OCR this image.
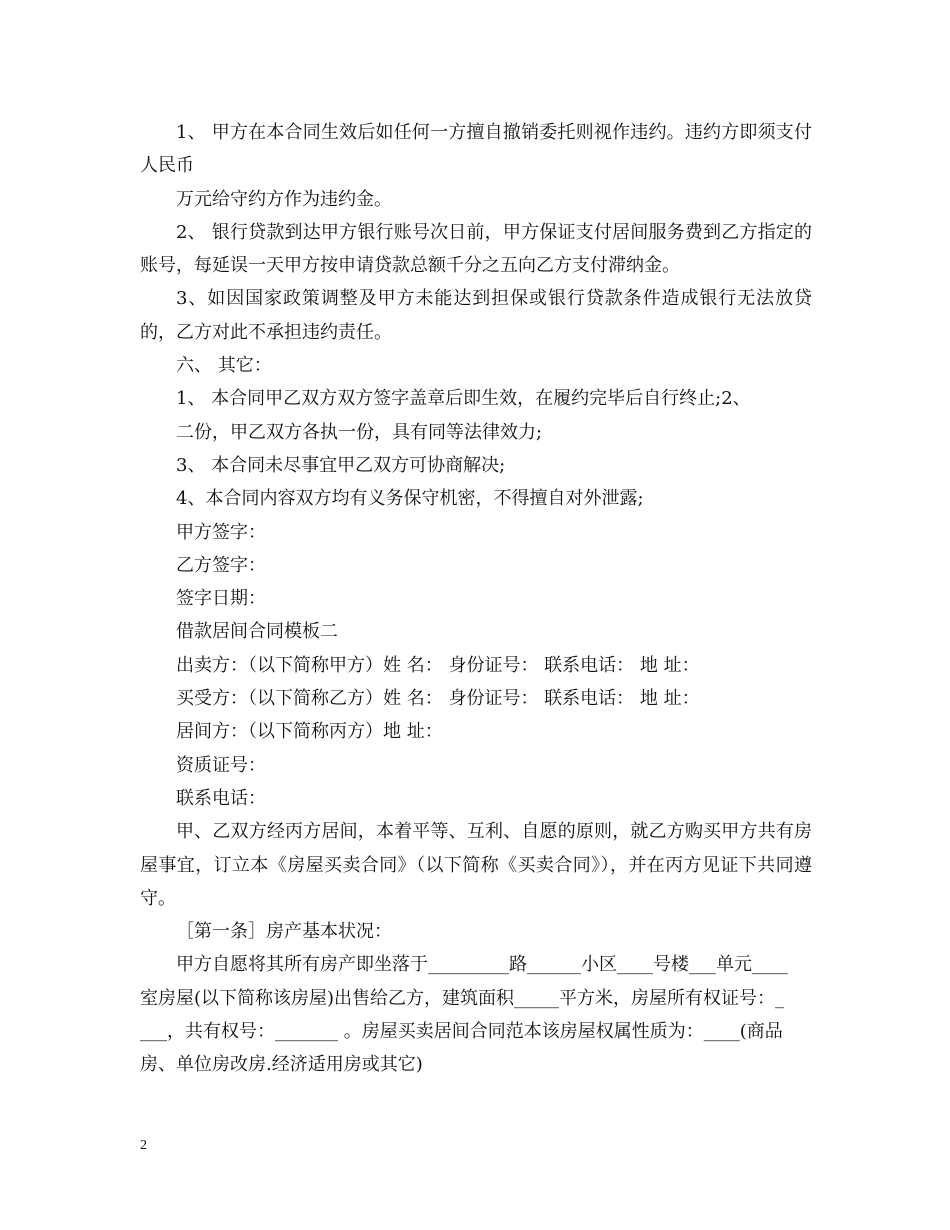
1、 甲方在本合同生效后如任何一方擅自撤销委托则视作违约。违约方即须支付人民币

万元给守约方作为违约金。

2、 银行贷款到达甲方银行账号次日前，甲方保证支付居间服务费到乙方指定的账号，每延误一天甲方按申请贷款总额千分之五向乙方支付滞纳金。

3、如因国家政策调整及甲方未能达到担保或银行贷款条件造成银行无法放贷的，乙方对此不承担违约责任。

六、 其它：

1、 本合同甲乙双方双方签字盖章后即生效，在履约完毕后自行终止;2、

二份，甲乙双方各执一份，具有同等法律效力;

3、 本合同未尽事宜甲乙双方可协商解决;

4、本合同内容双方均有义务保守机密，不得擅自对外泄露;

甲方签字：

乙方签字：

签字日期：

借款居间合同模板二

出卖方：（以下简称甲方）姓 名： 身份证号： 联系电话： 地 址：

买受方：（以下简称乙方）姓 名： 身份证号： 联系电话： 地 址：

居间方：（以下简称丙方）地 址：

资质证号：

联系电话：

甲、乙双方经丙方居间，本着平等、互利、自愿的原则，就乙方购买甲方共有房屋事宜，订立本《房屋买卖合同》（以下简称《买卖合同》），并在丙方见证下共同遵守。

［第一条］房产基本状况：

甲方自愿将其所有房产即坐落于_________路______小区____号楼___单元____

室房屋(以下简称该房屋)出售给乙方，建筑面积_____平方米，房屋所有权证号：_

___，共有权号：_______ 。房屋买卖居间合同范本该房屋权属性质为：____(商品

房、单位房改房.经济适用房或其它)

2
